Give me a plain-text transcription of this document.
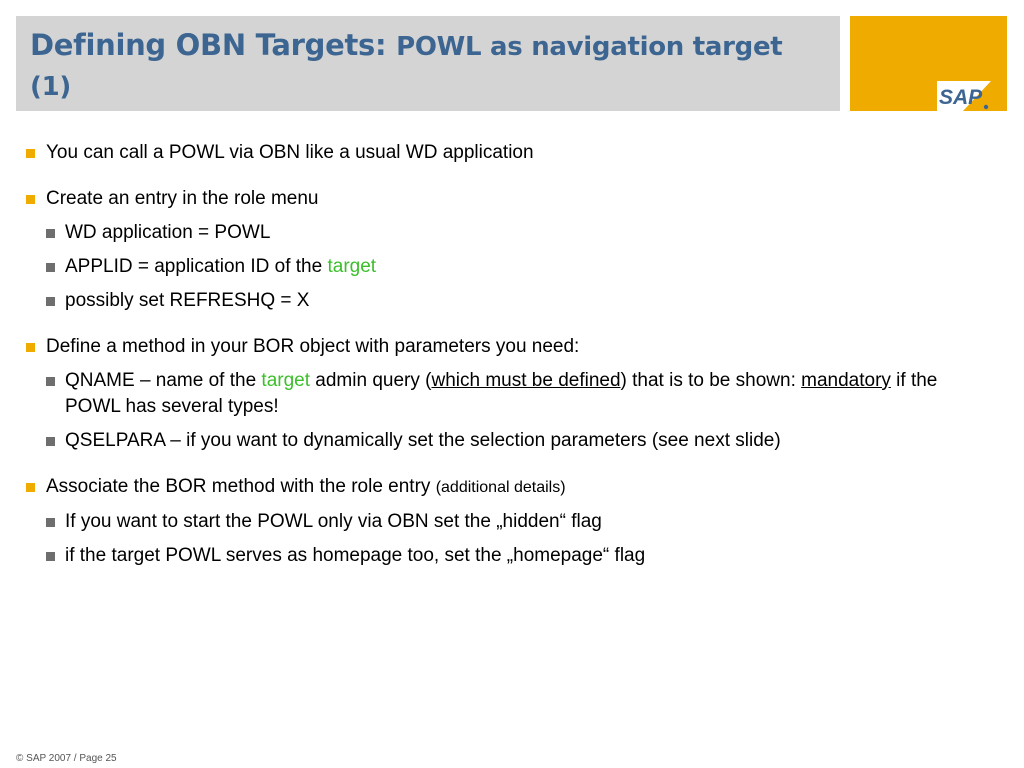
Defining OBN Targets: POWL as navigation target (1)	SAP
You can call a POWL via OBN like a usual WD application
Create an entry in the role menu
WD application = POWL
APPLID = application ID of the target
possibly set REFRESHQ = X
Define a method in your BOR object with parameters you need:
QNAME – name of the target admin query (which must be defined) that is to be shown: mandatory if the POWL has several types!
QSELPARA – if you want to dynamically set the selection parameters (see next slide)
Associate the BOR method with the role entry (additional details)
If you want to start the POWL only via OBN set the „hidden“ flag
if the target POWL serves as homepage too, set the „homepage“ flag
© SAP 2007 / Page 25
